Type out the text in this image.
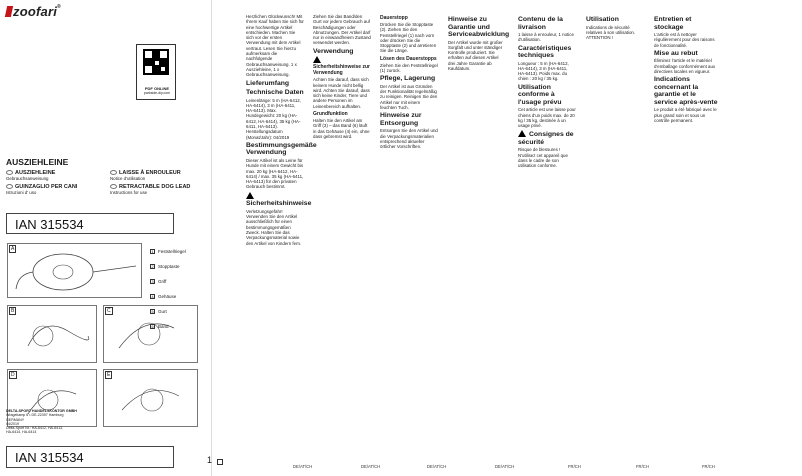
zoofari®
PDF ONLINE
parkside-diy.com
AUSZIEHLEINE
AUSZIEHLEINE
Gebrauchsanweisung
GUINZAGLIO PER CANI
Istruzioni d' uso
LAISSE À ENROULEUR
Notice d'utilisation
RETRACTABLE DOG LEAD
Instructions for use
IAN 315534
A
B	C
D	E
1 Feststellriegel
2 Stopptaste
3 Griff
4 Gehäuse
5 Gurt
6 Band
DELTA-SPORT HANDELSKONTOR GMBH
Wragekamp 6 • DE-22397 Hamburg
GERMANY
04/2019
Delta-Sport Nr.: HA-6412, HA-6413,
HA-6414, HA-6414
IAN 315534	1

Herzlichen Glückwunsch! Mit Ihrem Kauf haben Sie sich für eine hochwertige Artikel entschieden. Machen Sie sich vor der ersten Verwendung mit dem Artikel vertraut. Lesen Sie hierzu aufmerksam die nachfolgende Gebrauchsanweisung. 1 x Ausziehleine, 1 x Gebrauchsanweisung.

Lieferumfang
Technische Daten

Leinenlänge: 5 m (HA-6412, HA-6414), 3 m (HA-6411, HA-6413). Max. Hundegewicht: 20 kg (HA-6412, HA-6414), 35 kg (HA-6411, HA-6413). Herstellungsdatum (Monat/Jahr): 04/2019

Bestimmungsgemäße Verwendung

Dieser Artikel ist als Leine für Hunde mit einem Gewicht bis max. 20 kg (HA-6412, HA-6414) / max. 35 kg (HA-6411, HA-6413) für den privaten Gebrauch bestimmt.

Sicherheitshinweise

Verletzungsgefahr! Verwenden Sie den Artikel ausschließlich für einen bestimmungsgemäßen Zweck. Halten Sie das Verpackungsmaterial sowie den Artikel von Kindern fern.

Ziehen Sie das Band/den Gurt vor jedem Gebrauch auf Beschädigungen oder Abnutzungen. Der Artikel darf nur in einwandfreiem Zustand verwendet werden.

Verwendung
Sicherheitshinweise zur Verwendung

Achten Sie darauf, dass sich keinem Hunde nicht bellig wird. Achten Sie darauf, dass sich keine Kinder, Tiere und andere Personen im Leinenbereich aufhalten.

Grundfunktion

Halten Sie den Artikel am Griff (3) – das Band (6) läuft in das Gehäuse (4) ein, ohne dass gebremst wird.

Dauerstopp

Drücken Sie die Stopptaste (2). Ziehen Sie den Feststellriegel (1) nach vorn oder drücken Sie die Stopptaste (2) und arretieren Sie die Länge.

Lösen des Dauerstopps

Ziehen Sie den Feststellriegel (1) zurück.

Pflege, Lagerung

Der Artikel ist aus Gründen der Funktionalität regelmäßig zu reinigen. Reinigen Sie den Artikel nur mit einem feuchten Tuch.

Hinweise zur Entsorgung

Entsorgen Sie den Artikel und die Verpackungsmaterialien entsprechend aktueller örtlicher Vorschriften.

Hinweise zu Garantie und Serviceabwicklung

Der Artikel wurde mit großer Sorgfalt und unter ständiger Kontrolle produziert. Sie erhalten auf diesen Artikel drei Jahre Garantie ab Kaufdatum.

Contenu de la livraison

1 laisse à enrouleur, 1 notice d'utilisation.

Caractéristiques techniques

Longueur : 5 m (HA-6412, HA-6414), 3 m (HA-6411, HA-6413). Poids max. du chien : 20 kg / 35 kg.

Utilisation conforme à l'usage prévu

Cet article est une laisse pour chiens d'un poids max. de 20 kg / 35 kg, destinée à un usage privé.

Consignes de sécurité

Risque de blessures ! N'utilisez cet appareil que dans le cadre de son utilisation conforme.

Utilisation

Indications de sécurité relatives à son utilisation. ATTENTION !

Entretien et stockage

L'article est à nettoyer régulièrement pour des raisons de fonctionnalité.

Mise au rebut

Éliminez l'article et le matériel d'emballage conformément aux directives locales en vigueur.

Indications concernant la garantie et le service après-vente

Le produit a été fabriqué avec le plus grand soin et sous un contrôle permanent.

DE/AT/CH	DE/AT/CH	DE/AT/CH	DE/AT/CH	FR/CH	FR/CH	FR/CH
